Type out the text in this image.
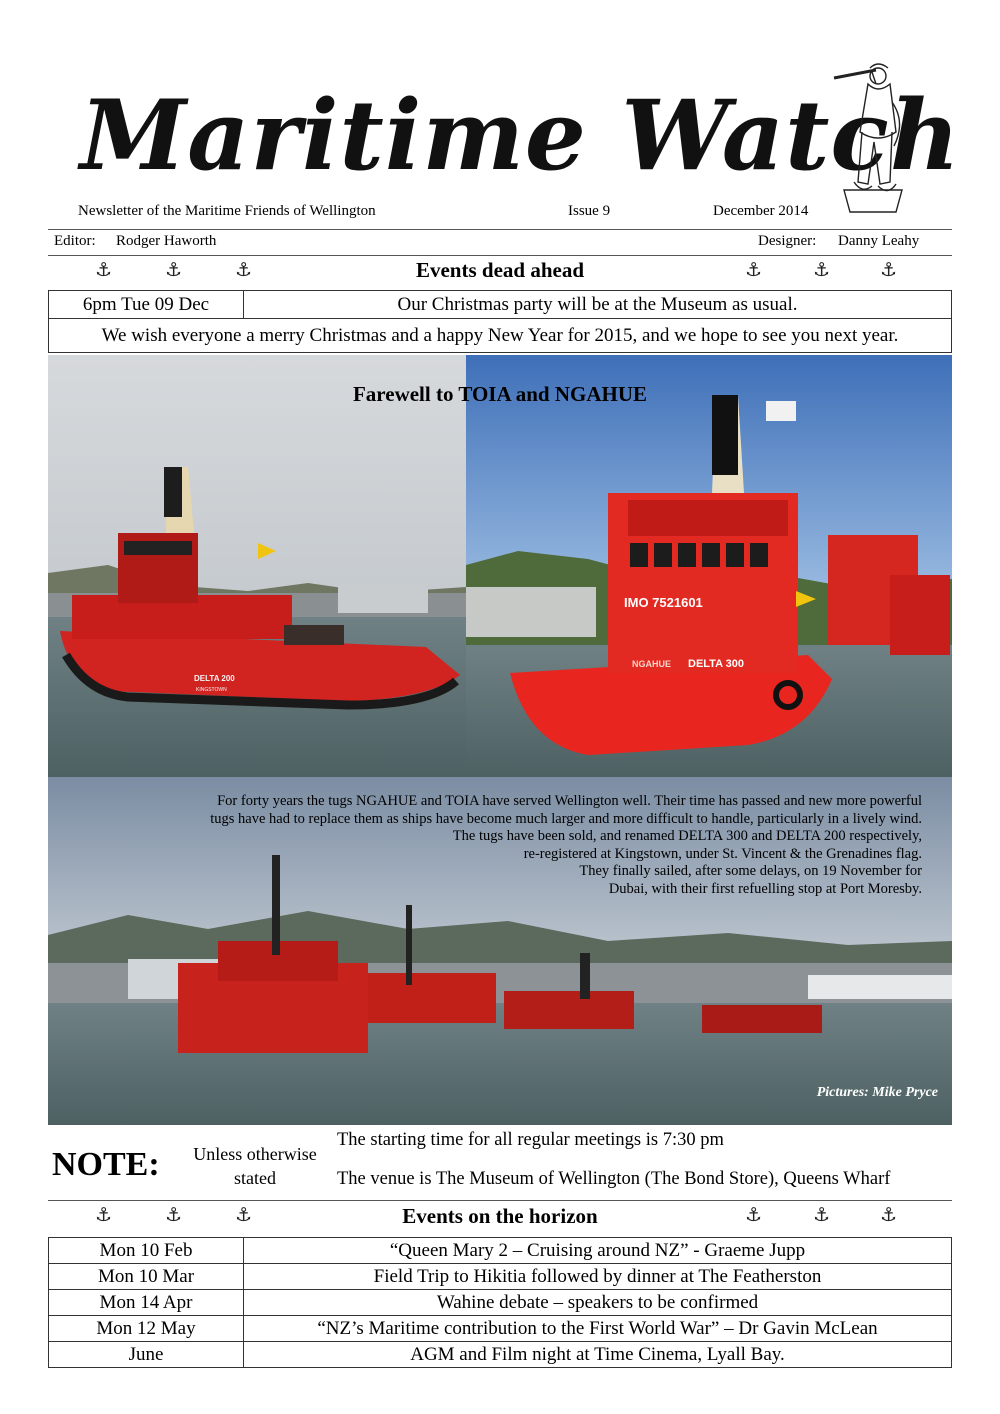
Maritime Watch
Newsletter of the Maritime Friends of Wellington	Issue 9	December 2014
Editor: Rodger Haworth	Designer: Danny Leahy
Events dead ahead
⚓	⚓	⚓	⚓	⚓	⚓
6pm Tue 09 Dec	Our Christmas party will be at the Museum as usual.
We wish everyone a merry Christmas and a happy New Year for 2015, and we hope to see you next year.
DELTA 200
KINGSTOWN
IMO 7521601
NGAHUE DELTA 300
Farewell to TOIA and NGAHUE
For forty years the tugs NGAHUE and TOIA have served Wellington well. Their time has passed and new more powerful
tugs have had to replace them as ships have become much larger and more difficult to handle, particularly in a lively wind.
The tugs have been sold, and renamed DELTA 300 and DELTA 200 respectively,
re-registered at Kingstown, under St. Vincent & the Grenadines flag.
They finally sailed, after some delays, on 19 November for
Dubai, with their first refuelling stop at Port Moresby.
Pictures: Mike Pryce
NOTE:	Unless otherwise stated
The starting time for all regular meetings is 7:30 pm
The venue is The Museum of Wellington (The Bond Store), Queens Wharf
Events on the horizon
⚓	⚓	⚓	⚓	⚓	⚓
Mon 10 Feb	“Queen Mary 2 – Cruising around NZ” - Graeme Jupp
Mon 10 Mar	Field Trip to Hikitia followed by dinner at The Featherston
Mon 14 Apr	Wahine debate – speakers to be confirmed
Mon 12 May	“NZ’s Maritime contribution to the First World War” – Dr Gavin McLean
June	AGM and Film night at Time Cinema, Lyall Bay.
